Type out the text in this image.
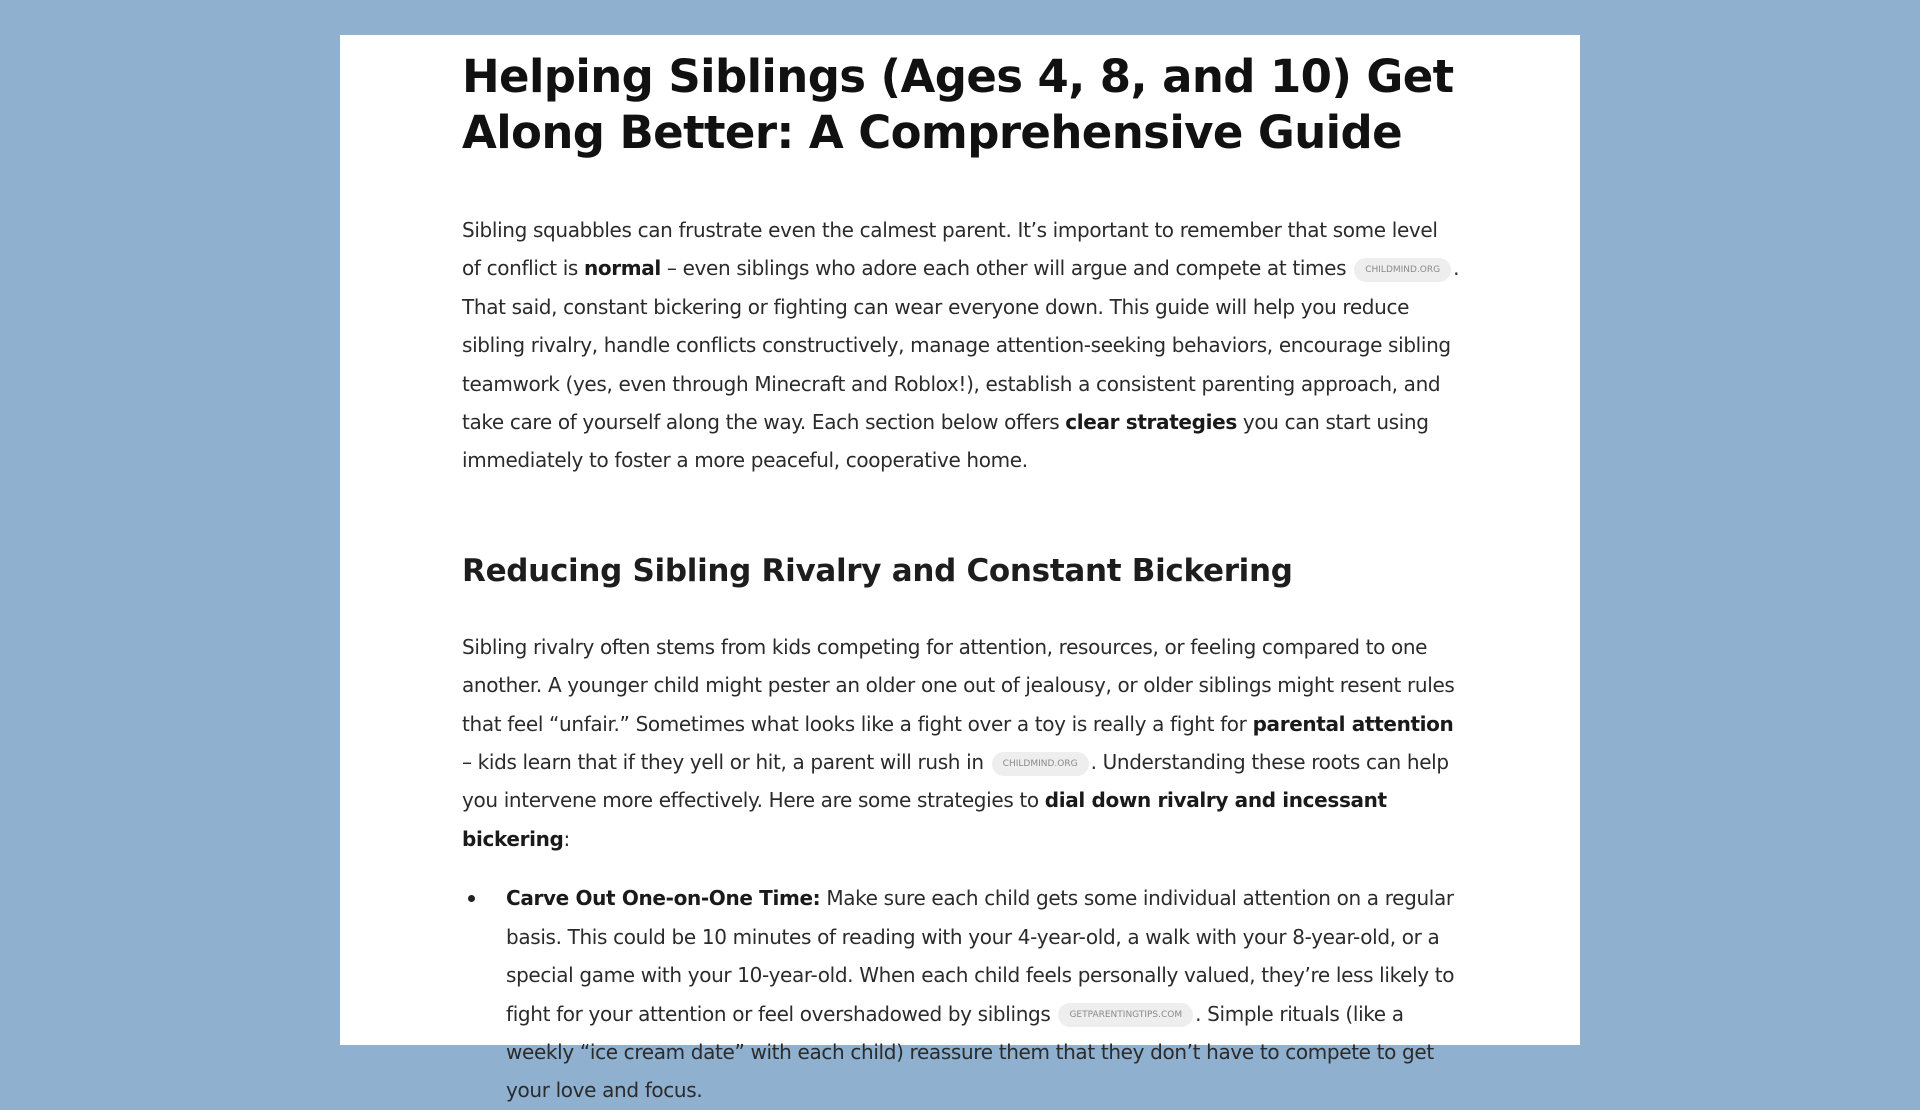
Helping Siblings (Ages 4, 8, and 10) Get Along Better: A Comprehensive Guide

Sibling squabbles can frustrate even the calmest parent. It’s important to remember that some level of conflict is normal – even siblings who adore each other will argue and compete at times CHILDMIND.ORG . That said, constant bickering or fighting can wear everyone down. This guide will help you reduce sibling rivalry, handle conflicts constructively, manage attention-seeking behaviors, encourage sibling teamwork (yes, even through Minecraft and Roblox!), establish a consistent parenting approach, and take care of yourself along the way. Each section below offers clear strategies you can start using immediately to foster a more peaceful, cooperative home.

Reducing Sibling Rivalry and Constant Bickering

Sibling rivalry often stems from kids competing for attention, resources, or feeling compared to one another. A younger child might pester an older one out of jealousy, or older siblings might resent rules that feel “unfair.” Sometimes what looks like a fight over a toy is really a fight for parental attention – kids learn that if they yell or hit, a parent will rush in CHILDMIND.ORG . Understanding these roots can help you intervene more effectively. Here are some strategies to dial down rivalry and incessant bickering:

Carve Out One-on-One Time: Make sure each child gets some individual attention on a regular basis. This could be 10 minutes of reading with your 4-year-old, a walk with your 8-year-old, or a special game with your 10-year-old. When each child feels personally valued, they’re less likely to fight for your attention or feel overshadowed by siblings GETPARENTINGTIPS.COM . Simple rituals (like a weekly “ice cream date” with each child) reassure them that they don’t have to compete to get your love and focus.
